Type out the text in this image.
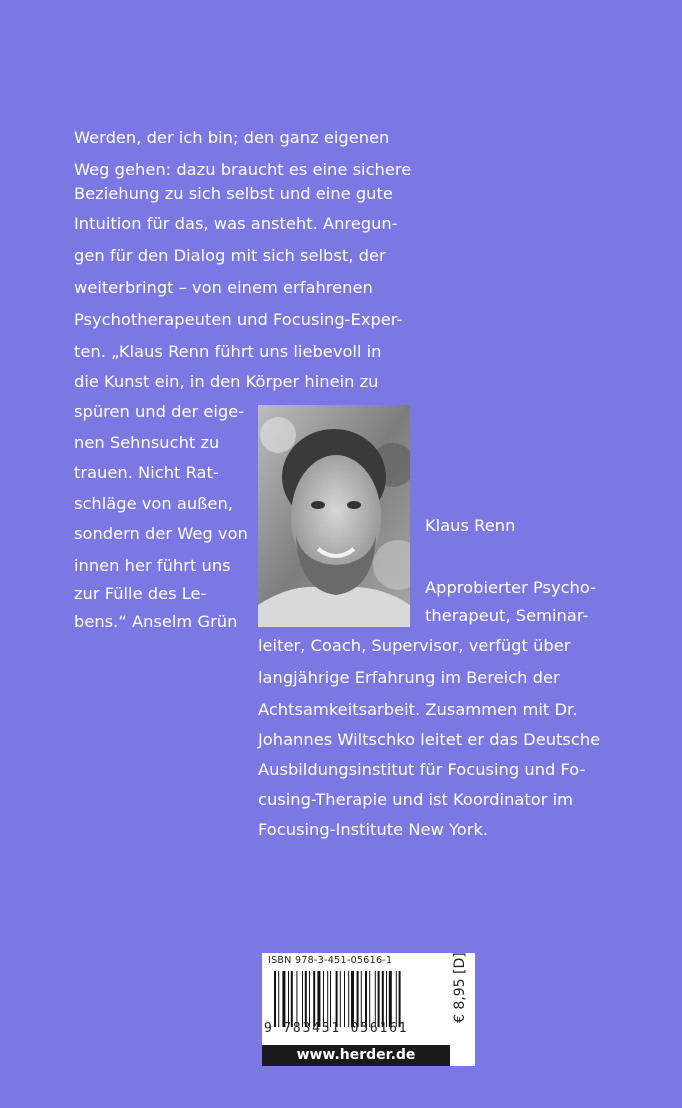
Werden, der ich bin; den ganz eigenen
Weg gehen: dazu braucht es eine sichere
Beziehung zu sich selbst und eine gute
Intuition für das, was ansteht. Anregun-
gen für den Dialog mit sich selbst, der
weiterbringt – von einem erfahrenen
Psychotherapeuten und Focusing-Exper-
ten. „Klaus Renn führt uns liebevoll in
die Kunst ein, in den Körper hinein zu
spüren und der eige-
nen Sehnsucht zu
trauen. Nicht Rat-
schläge von außen,
sondern der Weg von
innen her führt uns
zur Fülle des Le-
bens.“ Anselm Grün
Klaus Renn
Approbierter Psycho-
therapeut, Seminar-
leiter, Coach, Supervisor, verfügt über
langjährige Erfahrung im Bereich der
Achtsamkeitsarbeit. Zusammen mit Dr.
Johannes Wiltschko leitet er das Deutsche
Ausbildungsinstitut für Focusing und Fo-
cusing-Therapie und ist Koordinator im
Focusing-Institute New York.
ISBN 978-3-451-05616-1
9 783451 056161
€ 8,95 [D]
www.herder.de
